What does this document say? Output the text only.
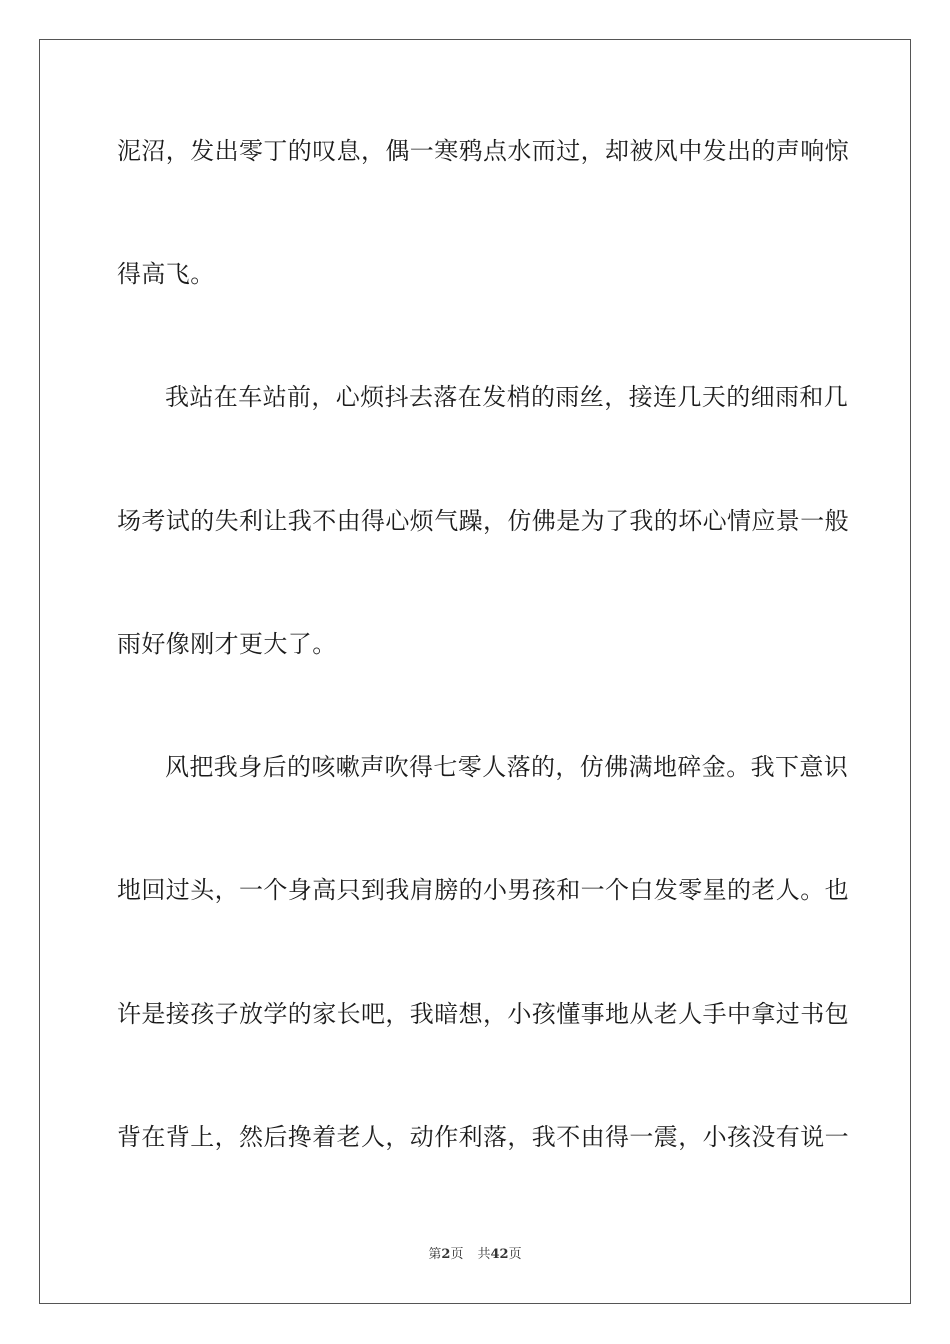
泥沼，发出零丁的叹息，偶一寒鸦点水而过，却被风中发出的声响惊
得高飞。
我站在车站前，心烦抖去落在发梢的雨丝，接连几天的细雨和几
场考试的失利让我不由得心烦气躁，仿佛是为了我的坏心情应景一般
雨好像刚才更大了。
风把我身后的咳嗽声吹得七零人落的，仿佛满地碎金。我下意识
地回过头，一个身高只到我肩膀的小男孩和一个白发零星的老人。也
许是接孩子放学的家长吧，我暗想，小孩懂事地从老人手中拿过书包
背在背上，然后搀着老人，动作利落，我不由得一震，小孩没有说一
第2页 共42页
